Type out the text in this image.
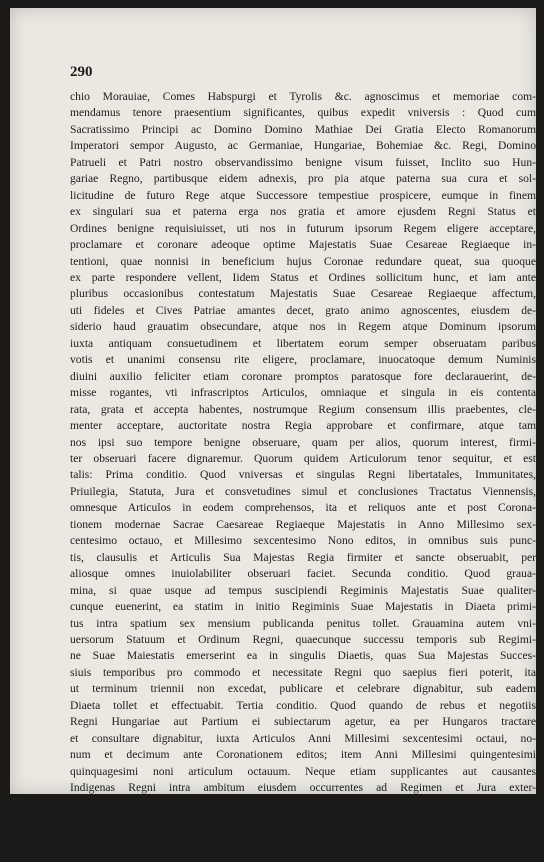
290
chio Morauiae, Comes Habspurgi et Tyrolis &c. agnoscimus et memoriae com-
mendamus tenore praesentium significantes, quibus expedit vniversis : Quod cum
Sacratissimo Principi ac Domino Domino Mathiae Dei Gratia Electo Romanorum
Imperatori sempor Augusto, ac Germaniae, Hungariae, Bohemiae &c. Regi, Domino
Patrueli et Patri nostro observandissimo benigne visum fuisset, Inclito suo Hun-
gariae Regno, partibusque eidem adnexis, pro pia atque paterna sua cura et sol-
licitudine de futuro Rege atque Successore tempestiue prospicere, eumque in finem
ex singulari sua et paterna erga nos gratia et amore ejusdem Regni Status et
Ordines benigne requisiuisset, uti nos in futurum ipsorum Regem eligere acceptare,
proclamare et coronare adeoque optime Majestatis Suae Cesareae Regiaeque in-
tentioni, quae nonnisi in beneficium hujus Coronae redundare queat, sua quoque
ex parte respondere vellent, Iidem Status et Ordines sollicitum hunc, et iam ante
pluribus occasionibus contestatum Majestatis Suae Cesareae Regiaeque affectum,
uti fideles et Cives Patriae amantes decet, grato animo agnoscentes, eiusdem de-
siderio haud grauatim obsecundare, atque nos in Regem atque Dominum ipsorum
iuxta antiquam consuetudinem et libertatem eorum semper obseruatam paribus
votis et unanimi consensu rite eligere, proclamare, inuocatoque demum Numinis
diuini auxilio feliciter etiam coronare promptos paratosque fore declarauerint, de-
misse rogantes, vti infrascriptos Articulos, omniaque et singula in eis contenta
rata, grata et accepta habentes, nostrumque Regium consensum illis praebentes, cle-
menter acceptare, auctoritate nostra Regia approbare et confirmare, atque tam
nos ipsi suo tempore benigne obseruare, quam per alios, quorum interest, firmi-
ter obseruari facere dignaremur. Quorum quidem Articulorum tenor sequitur, et est
talis: Prima conditio. Quod vniversas et singulas Regni libertatales, Immunitates,
Priuilegia, Statuta, Jura et consvetudines simul et conclusiones Tractatus Viennensis,
omnesque Articulos in eodem comprehensos, ita et reliquos ante et post Corona-
tionem modernae Sacrae Caesareae Regiaeque Majestatis in Anno Millesimo sex-
centesimo octauo, et Millesimo sexcentesimo Nono editos, in omnibus suis punc-
tis, clausulis et Articulis Sua Majestas Regia firmiter et sancte obseruabit, per
aliosque omnes inuiolabiliter obseruari faciet. Secunda conditio. Quod graua-
mina, si quae usque ad tempus suscipiendi Regiminis Majestatis Suae qualiter-
cunque euenerint, ea statim in initio Regiminis Suae Majestatis in Diaeta primi-
tus intra spatium sex mensium publicanda penitus tollet. Grauamina autem vni-
uersorum Statuum et Ordinum Regni, quaecunque successu temporis sub Regimi-
ne Suae Maiestatis emerserint ea in singulis Diaetis, quas Sua Majestas Succes-
siuis temporibus pro commodo et necessitate Regni quo saepius fieri poterit, ita
ut terminum triennii non excedat, publicare et celebrare dignabitur, sub eadem
Diaeta tollet et effectuabit. Tertia conditio. Quod quando de rebus et negotiis
Regni Hungariae aut Partium ei subiectarum agetur, ea per Hungaros tractare
et consultare dignabitur, iuxta Articulos Anni Millesimi sexcentesimi octaui, no-
num et decimum ante Coronationem editos; item Anni Millesimi quingentesimi
quinquagesimi noni articulum octauum. Neque etiam supplicantes aut causantes
Indigenas Regni intra ambitum eiusdem occurrentes ad Regimen et Jura exter-
na rejicere, pertrahere et ablegare pacietur, iuxta extrema verba Articulorum
decimi et decimi sexti ante Coronationem et Decreti Ferdinandi Anno Millesimo
quingentesimo tricesimo sexto, articulo quadragesimo primo editi. Quarta condi-
tio. Confiniorum vero Praefecturas, Capitaneatus et alia Officia tam in hoc, quam
